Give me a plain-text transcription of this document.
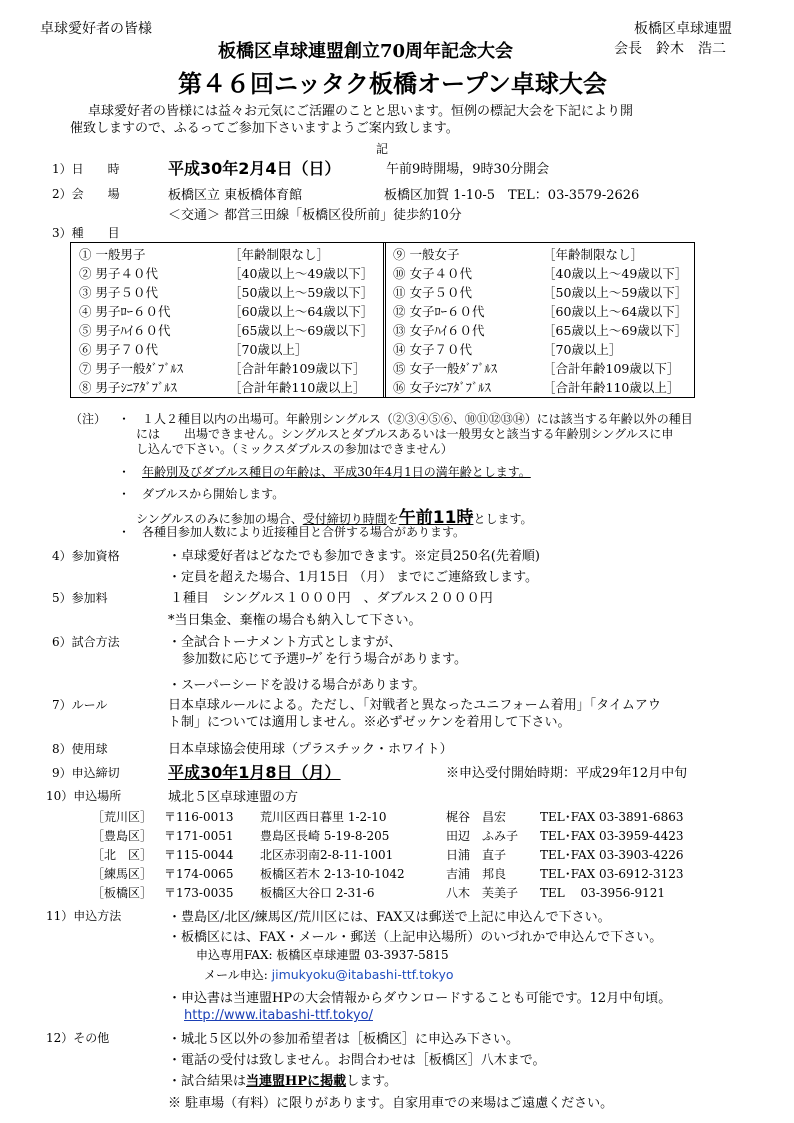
卓球愛好者の皆様	板橋区卓球連盟
会長　鈴木　浩二
板橋区卓球連盟創立70周年記念大会
第４６回ニッタク板橋オープン卓球大会
卓球愛好者の皆様には益々お元気にご活躍のことと思います。恒例の標記大会を下記により開
催致しますので、ふるってご参加下さいますようご案内致します。
記
1）日　　時	平成30年2月4日（日）	午前9時開場，9時30分開会
2）会　　場	板橋区立 東板橋体育館	板橋区加賀 1-10-5　TEL：03-3579-2626
＜交通＞ 都営三田線「板橋区役所前」徒歩約10分
3）種　　目
① 一般男子	［年齢制限なし］
② 男子４０代	［40歳以上～49歳以下］
③ 男子５０代	［50歳以上～59歳以下］
④ 男子ﾛｰ６０代	［60歳以上～64歳以下］
⑤ 男子ﾊｲ６０代	［65歳以上～69歳以下］
⑥ 男子７０代	［70歳以上］
⑦ 男子一般ﾀﾞﾌﾞﾙｽ	［合計年齢109歳以下］
⑧ 男子ｼﾆｱﾀﾞﾌﾞﾙｽ	［合計年齢110歳以上］
⑨ 一般女子	［年齢制限なし］
⑩ 女子４０代	［40歳以上～49歳以下］
⑪ 女子５０代	［50歳以上～59歳以下］
⑫ 女子ﾛｰ６０代	［60歳以上～64歳以下］
⑬ 女子ﾊｲ６０代	［65歳以上～69歳以下］
⑭ 女子７０代	［70歳以上］
⑮ 女子一般ﾀﾞﾌﾞﾙｽ	［合計年齢109歳以下］
⑯ 女子ｼﾆｱﾀﾞﾌﾞﾙｽ	［合計年齢110歳以上］
（注） ・　１人２種目以内の出場可。年齢別シングルス（②③④⑤⑥、⑩⑪⑫⑬⑭）には該当する年齢以外の種目
には　　出場できません。シングルスとダブルスあるいは一般男女と該当する年齢別シングルスに申
し込んで下さい。（ミックスダブルスの参加はできません）
・　年齢別及びダブルス種目の年齢は、平成30年4月1日の満年齢とします。
・　ダブルスから開始します。
シングルスのみに参加の場合、受付締切り時間を午前11時とします。
・　各種目参加人数により近接種目と合併する場合があります。
4）参加資格	・卓球愛好者はどなたでも参加できます。※定員250名(先着順)
・定員を超えた場合、1月15日 （月） までにご連絡致します。
5）参加料	１種目　シングルス１０００円　、ダブルス２０００円
*当日集金、棄権の場合も納入して下さい。
6）試合方法	・全試合トーナメント方式としますが、
参加数に応じて予選ﾘｰｸﾞを行う場合があります。
・スーパーシードを設ける場合があります。
7）ルール	日本卓球ルールによる。ただし、「対戦者と異なったユニフォーム着用」「タイムアウ
ト制」については適用しません。※必ずゼッケンを着用して下さい。
8）使用球	日本卓球協会使用球（プラスチック・ホワイト）
9）申込締切	平成30年1月8日（月）	※申込受付開始時期：平成29年12月中旬
10）申込場所	城北５区卓球連盟の方
［荒川区］ 〒116-0013 荒川区西日暮里 1-2-10	梶谷　昌宏	TEL･FAX 03-3891-6863
［豊島区］ 〒171-0051 豊島区長崎 5-19-8-205	田辺　ふみ子 TEL･FAX 03-3959-4423
［北　区］ 〒115-0044 北区赤羽南2-8-11-1001	日浦　直子	TEL･FAX 03-3903-4226
［練馬区］ 〒174-0065 板橋区若木 2-13-10-1042	吉浦　邦良	TEL･FAX 03-6912-3123
［板橋区］ 〒173-0035 板橋区大谷口 2-31-6	八木　芙美子 TEL　 03-3956-9121
11）申込方法	・豊島区/北区/練馬区/荒川区には、FAX又は郵送で上記に申込んで下さい。
・板橋区には、FAX・メール・郵送（上記申込場所）のいづれかで申込んで下さい。
申込専用FAX: 板橋区卓球連盟 03-3937-5815
メール申込: jimukyoku@itabashi-ttf.tokyo
・申込書は当連盟HPの大会情報からダウンロードすることも可能です。12月中旬頃。
http://www.itabashi-ttf.tokyo/
12）その他	・城北５区以外の参加希望者は［板橋区］に申込み下さい。
・電話の受付は致しません。お問合わせは［板橋区］八木まで。
・試合結果は当連盟HPに掲載します。
※ 駐車場（有料）に限りがあります。自家用車での来場はご遠慮ください。
